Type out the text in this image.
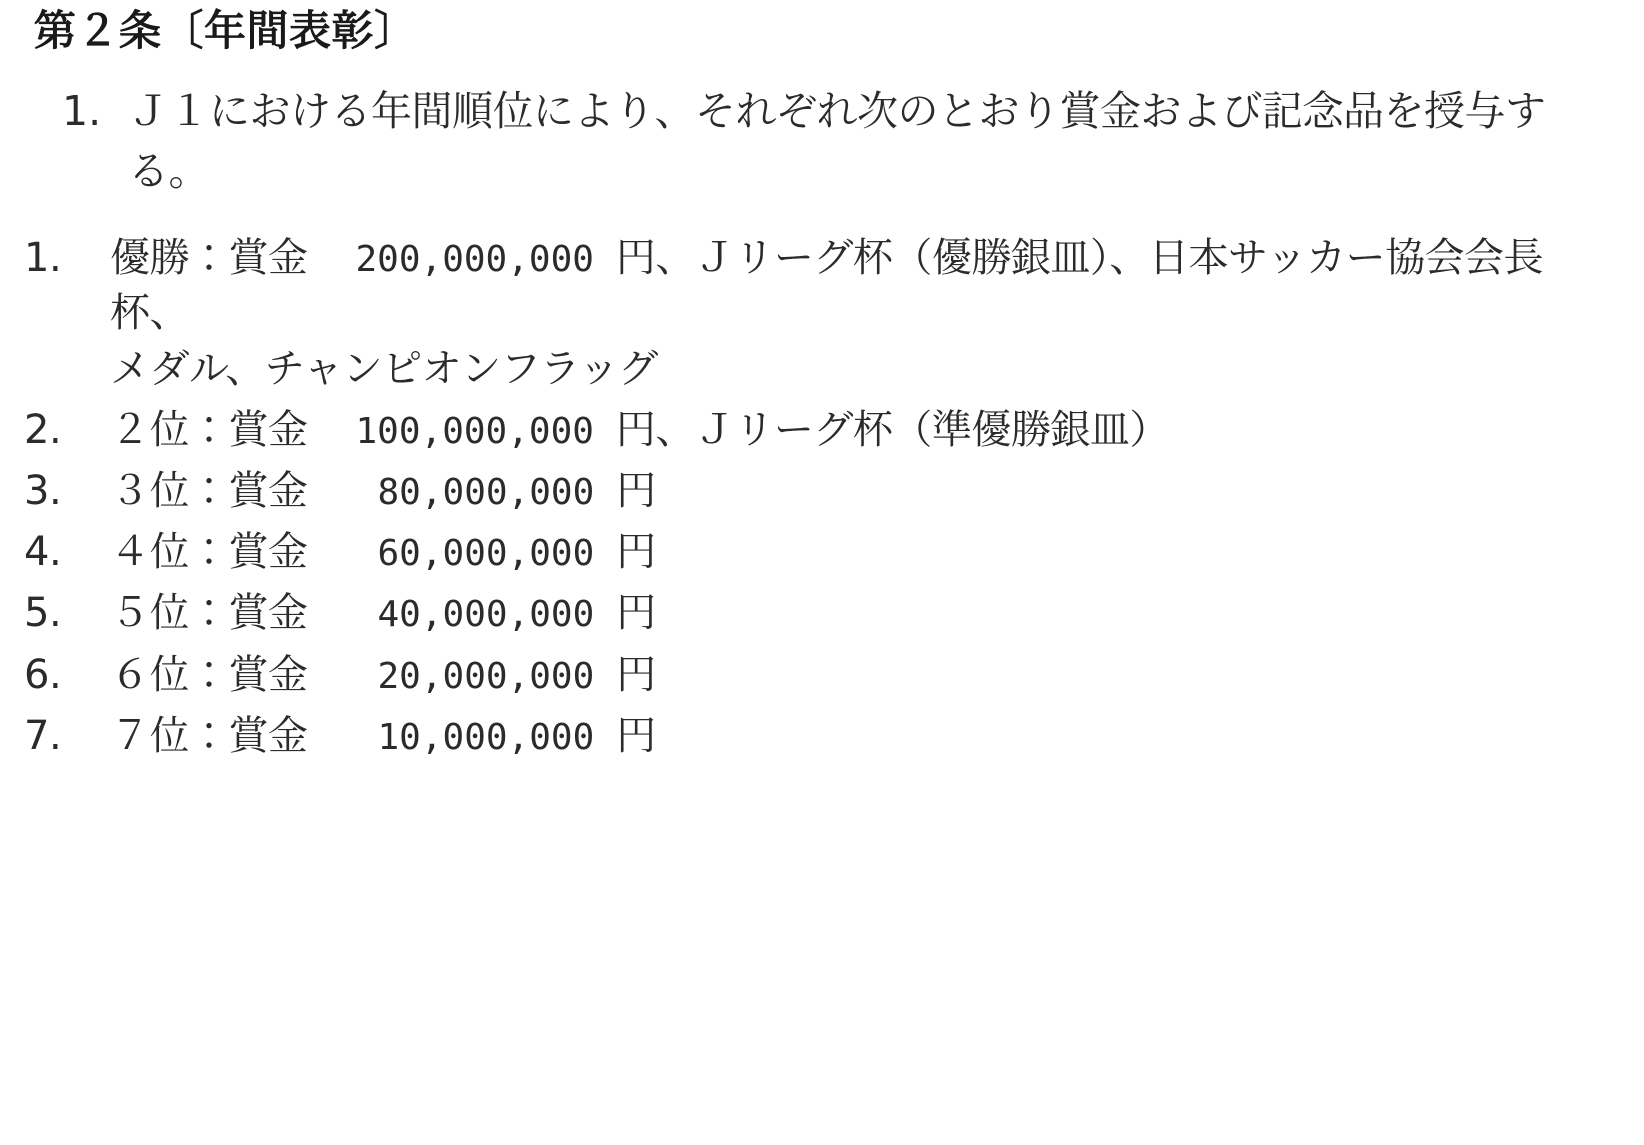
第２条〔年間表彰〕
1. Ｊ１における年間順位により、それぞれ次のとおり賞金および記念品を授与する。
1.	優勝：賞金 200,000,000 円、Ｊリーグ杯（優勝銀皿）、日本サッカー協会会長杯、
メダル、チャンピオンフラッグ
2.	２位：賞金 100,000,000 円、Ｊリーグ杯（準優勝銀皿）
3.	３位：賞金 80,000,000 円
4.	４位：賞金 60,000,000 円
5.	５位：賞金 40,000,000 円
6.	６位：賞金 20,000,000 円
7.	７位：賞金 10,000,000 円
